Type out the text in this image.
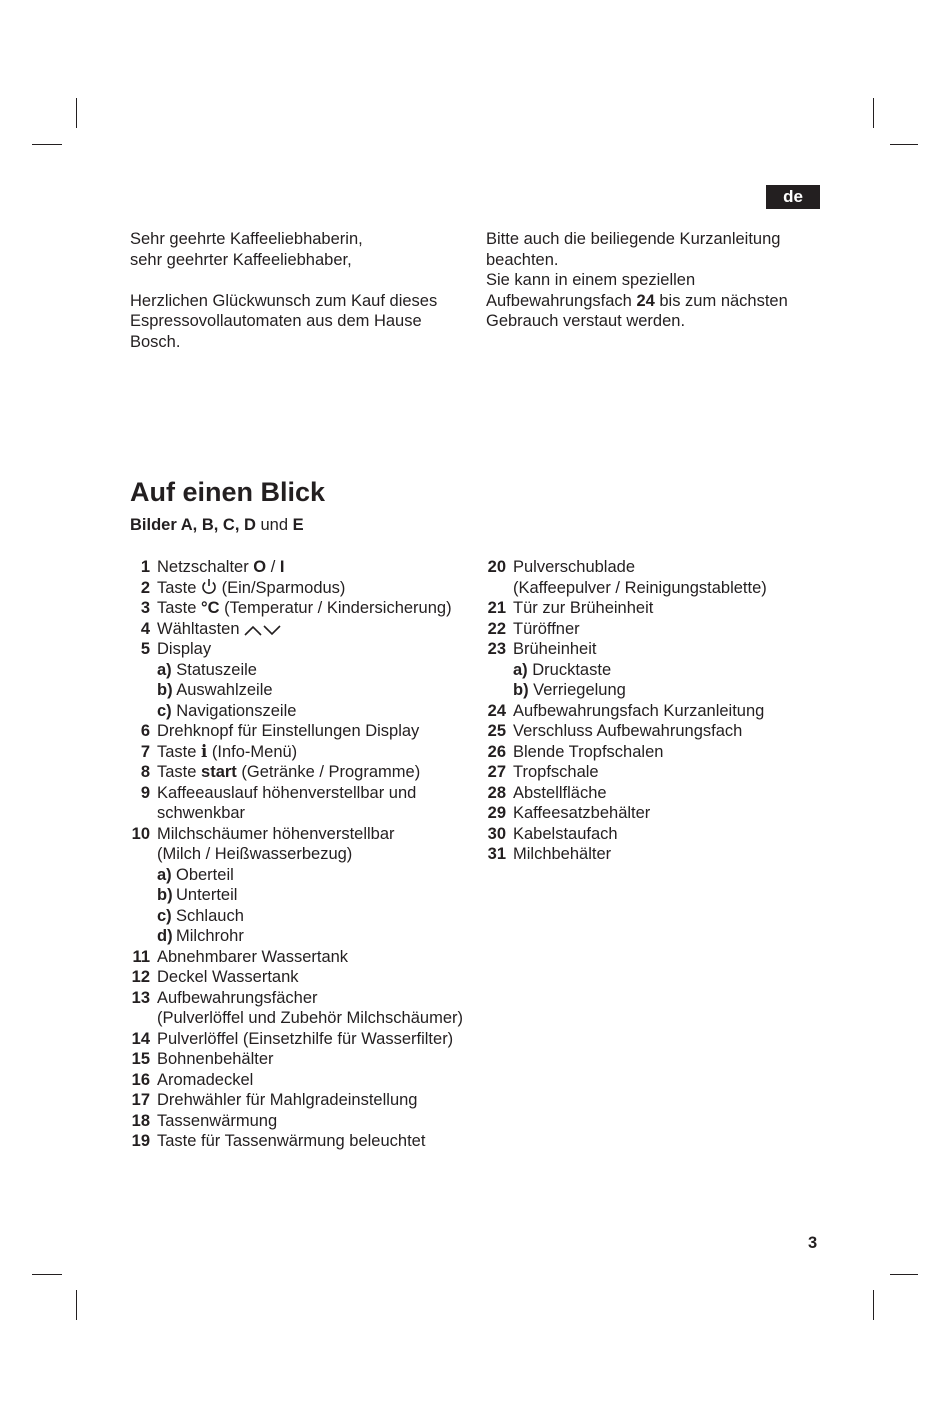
de

Sehr geehrte Kaffeeliebhaberin,

sehr geehrter Kaffeeliebhaber,

Herzlichen Glückwunsch zum Kauf dieses

Espressovollautomaten aus dem Hause

Bosch.

Bitte auch die beiliegende Kurzanleitung

beachten.

Sie kann in einem speziellen

Aufbewahrungsfach 24 bis zum nächsten

Gebrauch verstaut werden.

Auf einen Blick
Bilder A, B, C, D und E
1 Netzschalter O / I
2 Taste  (Ein/Sparmodus)
3 Taste °C (Temperatur / Kindersicherung)
4 Wähltasten
5 Display
a) Statuszeile
b) Auswahlzeile
c) Navigationszeile
6 Drehknopf für Einstellungen Display
7 Taste i (Info-Menü)
8 Taste start (Getränke / Programme)
9 Kaffeeauslauf höhenverstellbar und
schwenkbar
10 Milchschäumer höhenverstellbar
(Milch / Heißwasserbezug)
a) Oberteil
b) Unterteil
c) Schlauch
d) Milchrohr
11 Abnehmbarer Wassertank
12 Deckel Wassertank
13 Aufbewahrungsfächer
(Pulverlöffel und Zubehör Milchschäumer)
14 Pulverlöffel (Einsetzhilfe für Wasserfilter)
15 Bohnenbehälter
16 Aromadeckel
17 Drehwähler für Mahlgradeinstellung
18 Tassenwärmung
19 Taste für Tassenwärmung beleuchtet
20 Pulverschublade
(Kaffeepulver / Reinigungstablette)
21 Tür zur Brüheinheit
22 Türöffner
23 Brüheinheit
a) Drucktaste
b) Verriegelung
24 Aufbewahrungsfach Kurzanleitung
25 Verschluss Aufbewahrungsfach
26 Blende Tropfschalen
27 Tropfschale
28 Abstellfläche
29 Kaffeesatzbehälter
30 Kabelstaufach
31 Milchbehälter
3
